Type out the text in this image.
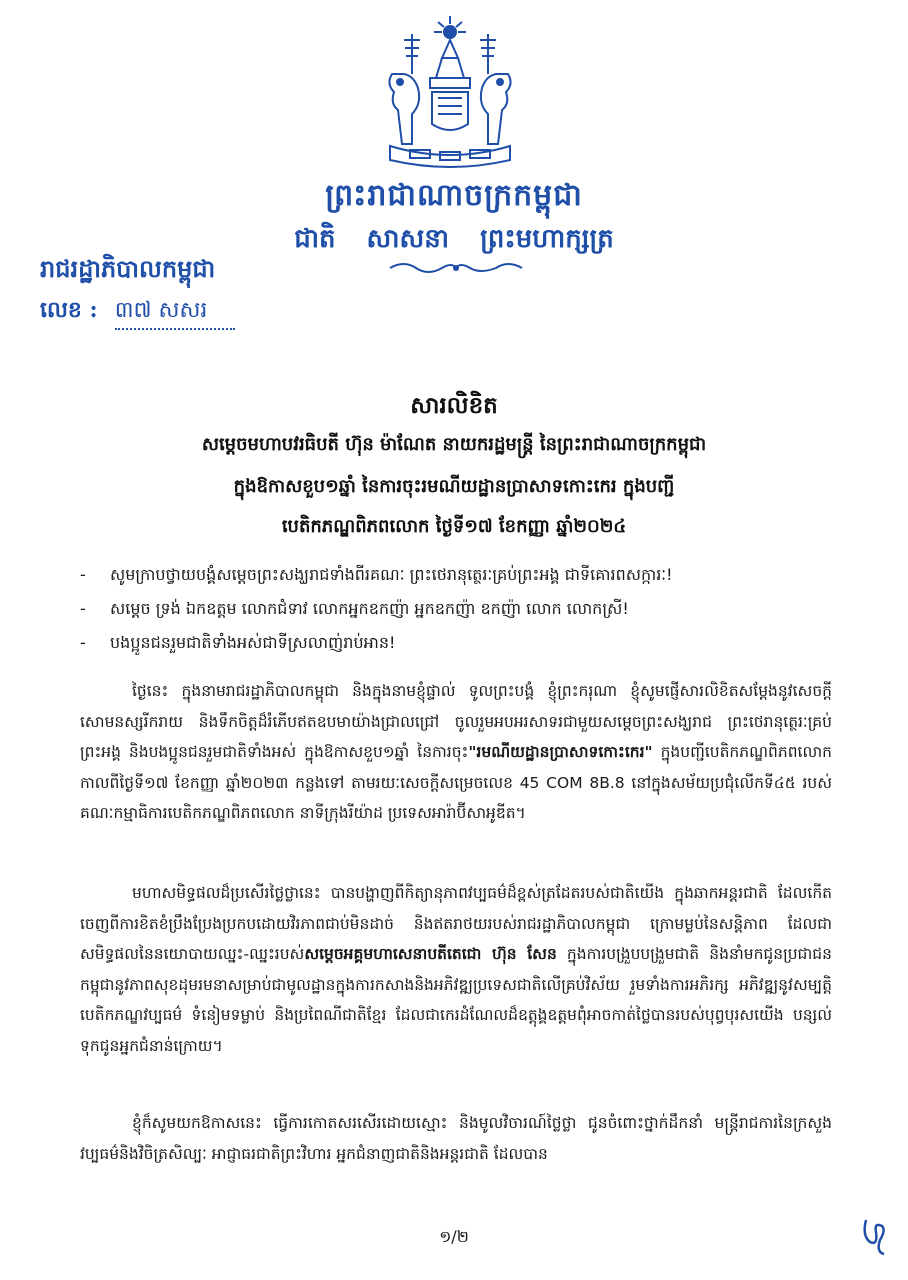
ព្រះរាជាណាចក្រកម្ពុជា
ជាតិ សាសនា ព្រះមហាក្សត្រ
រាជរដ្ឋាភិបាលកម្ពុជា
លេខ : ៣៧ សសរ
សារលិខិត
សម្តេចមហាបវរធិបតី ហ៊ុន ម៉ាណែត នាយករដ្ឋមន្ត្រី នៃព្រះរាជាណាចក្រកម្ពុជា
ក្នុងឱកាសខួប១ឆ្នាំ នៃការចុះរមណីយដ្ឋានប្រាសាទកោះកេរ ក្នុងបញ្ជី
បេតិកភណ្ឌពិភពលោក ថ្ងៃទី១៧ ខែកញ្ញា ឆ្នាំ២០២៤
-	សូមក្រាបថ្វាយបង្គំសម្តេចព្រះសង្ឃរាជទាំងពីរគណៈ ព្រះថេរានុត្ថេរៈគ្រប់ព្រះអង្គ ជាទីគោរពសក្ការៈ!
-	សម្តេច ទ្រង់ ឯកឧត្តម លោកជំទាវ លោកអ្នកឧកញ៉ា អ្នកឧកញ៉ា ឧកញ៉ា លោក លោកស្រី!
-	បងប្អូនជនរួមជាតិទាំងអស់ជាទីស្រលាញ់រាប់អាន!
ថ្ងៃនេះ ក្នុងនាមរាជរដ្ឋាភិបាលកម្ពុជា និងក្នុងនាមខ្ញុំផ្ទាល់ ទូលព្រះបង្គំ ខ្ញុំព្រះករុណា ខ្ញុំសូមផ្ញើសារលិខិតសម្តែងនូវសេចក្តីសោមនស្សរីករាយ និងទឹកចិត្តដ៏រំភើបឥតឧបមាយ៉ាងជ្រាលជ្រៅ ចូលរួមអបអរសាទរជាមួយសម្តេចព្រះសង្ឃរាជ ព្រះថេរានុត្ថេរៈគ្រប់ព្រះអង្គ និងបងប្អូនជនរួមជាតិទាំងអស់ ក្នុងឱកាសខួប១ឆ្នាំ នៃការចុះ"រមណីយដ្ឋានប្រាសាទកោះកេរ" ក្នុងបញ្ជីបេតិកភណ្ឌពិភពលោក កាលពីថ្ងៃទី១៧ ខែកញ្ញា ឆ្នាំ២០២៣ កន្លងទៅ តាមរយៈសេចក្តីសម្រេចលេខ 45 COM 8B.8 នៅក្នុងសម័យប្រជុំលើកទី៤៥ របស់គណៈកម្មាធិការបេតិកភណ្ឌពិភពលោក នាទីក្រុងរីយ៉ាដ ប្រទេសអារ៉ាប៊ីសាអូឌីត។
មហាសមិទ្ធផលដ៏ប្រសើរថ្លៃថ្លានេះ បានបង្ហាញពីកិត្យានុភាពវប្បធម៌ដ៏ខ្ពស់ត្រដែតរបស់ជាតិយើង ក្នុងឆាកអន្តរជាតិ ដែលកើតចេញពីការខិតខំប្រឹងប្រែងប្រកបដោយវិរភាពជាប់មិនដាច់ និងឥតរាថយរបស់រាជរដ្ឋាភិបាលកម្ពុជា ក្រោមម្លប់នៃសន្តិភាព ដែលជាសមិទ្ធផលនៃនយោបាយឈ្នះ-ឈ្នះរបស់សម្តេចអគ្គមហាសេនាបតីតេជោ ហ៊ុន សែន ក្នុងការបង្រួបបង្រួមជាតិ និងនាំមកជូនប្រជាជនកម្ពុជានូវភាពសុខដុមរមនាសម្រាប់ជាមូលដ្ឋានក្នុងការកសាងនិងអភិវឌ្ឍប្រទេសជាតិលើគ្រប់វិស័យ រួមទាំងការអភិរក្ស អភិវឌ្ឍនូវសម្បត្តិ បេតិកភណ្ឌវប្បធម៌ ទំនៀមទម្លាប់ និងប្រពៃណីជាតិខ្មែរ ដែលជាកេរដំណែលដ៏ឧត្តុង្គឧត្តមពុំអាចកាត់ថ្លៃបានរបស់បុព្វបុរសយើង បន្សល់ទុកជូនអ្នកជំនាន់ក្រោយ។
ខ្ញុំក៏សូមយកឱកាសនេះ ធ្វើការកោតសរសើរដោយស្មោះ និងមូលវិចារណ៍ថ្លៃថ្លា ជូនចំពោះថ្នាក់ដឹកនាំ មន្ត្រីរាជការនៃក្រសួងវប្បធម៌និងវិចិត្រសិល្បៈ អាជ្ញាធរជាតិព្រះវិហារ អ្នកជំនាញជាតិនិងអន្តរជាតិ ដែលបាន
១/២
